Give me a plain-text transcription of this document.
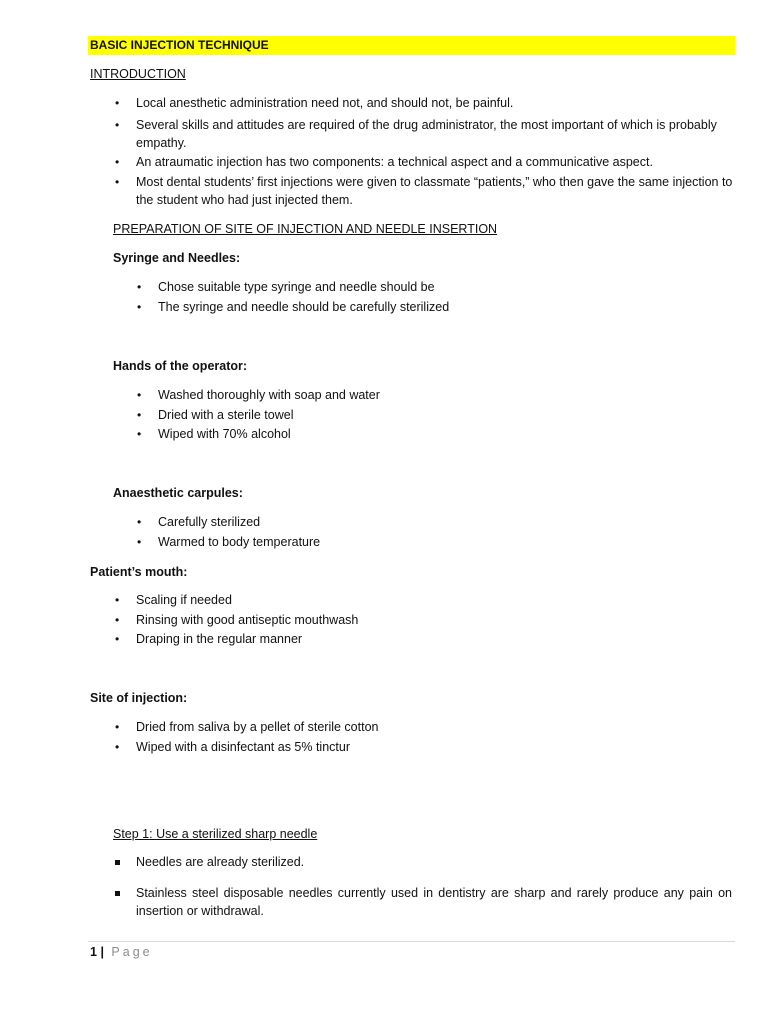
BASIC INJECTION TECHNIQUE
INTRODUCTION
• Local anesthetic administration need not, and should not, be painful.
• Several skills and attitudes are required of the drug administrator, the most important of which is probably empathy.
• An atraumatic injection has two components: a technical aspect and a communicative aspect.
• Most dental students’ first injections were given to classmate “patients,” who then gave the same injection to the student who had just injected them.
PREPARATION OF SITE OF INJECTION AND NEEDLE INSERTION
Syringe and Needles:
• Chose suitable type syringe and needle should be
• The syringe and needle should be carefully sterilized
Hands of the operator:
• Washed thoroughly with soap and water
• Dried with a sterile towel
• Wiped with 70% alcohol
Anaesthetic carpules:
• Carefully sterilized
• Warmed to body temperature
Patient’s mouth:
• Scaling if needed
• Rinsing with good antiseptic mouthwash
• Draping in the regular manner
Site of injection:
• Dried from saliva by a pellet of sterile cotton
• Wiped with a disinfectant as 5% tinctur
Step 1: Use a sterilized sharp needle
Needles are already sterilized.
Stainless steel disposable needles currently used in dentistry are sharp and rarely produce any pain on insertion or withdrawal.
1 | Page
